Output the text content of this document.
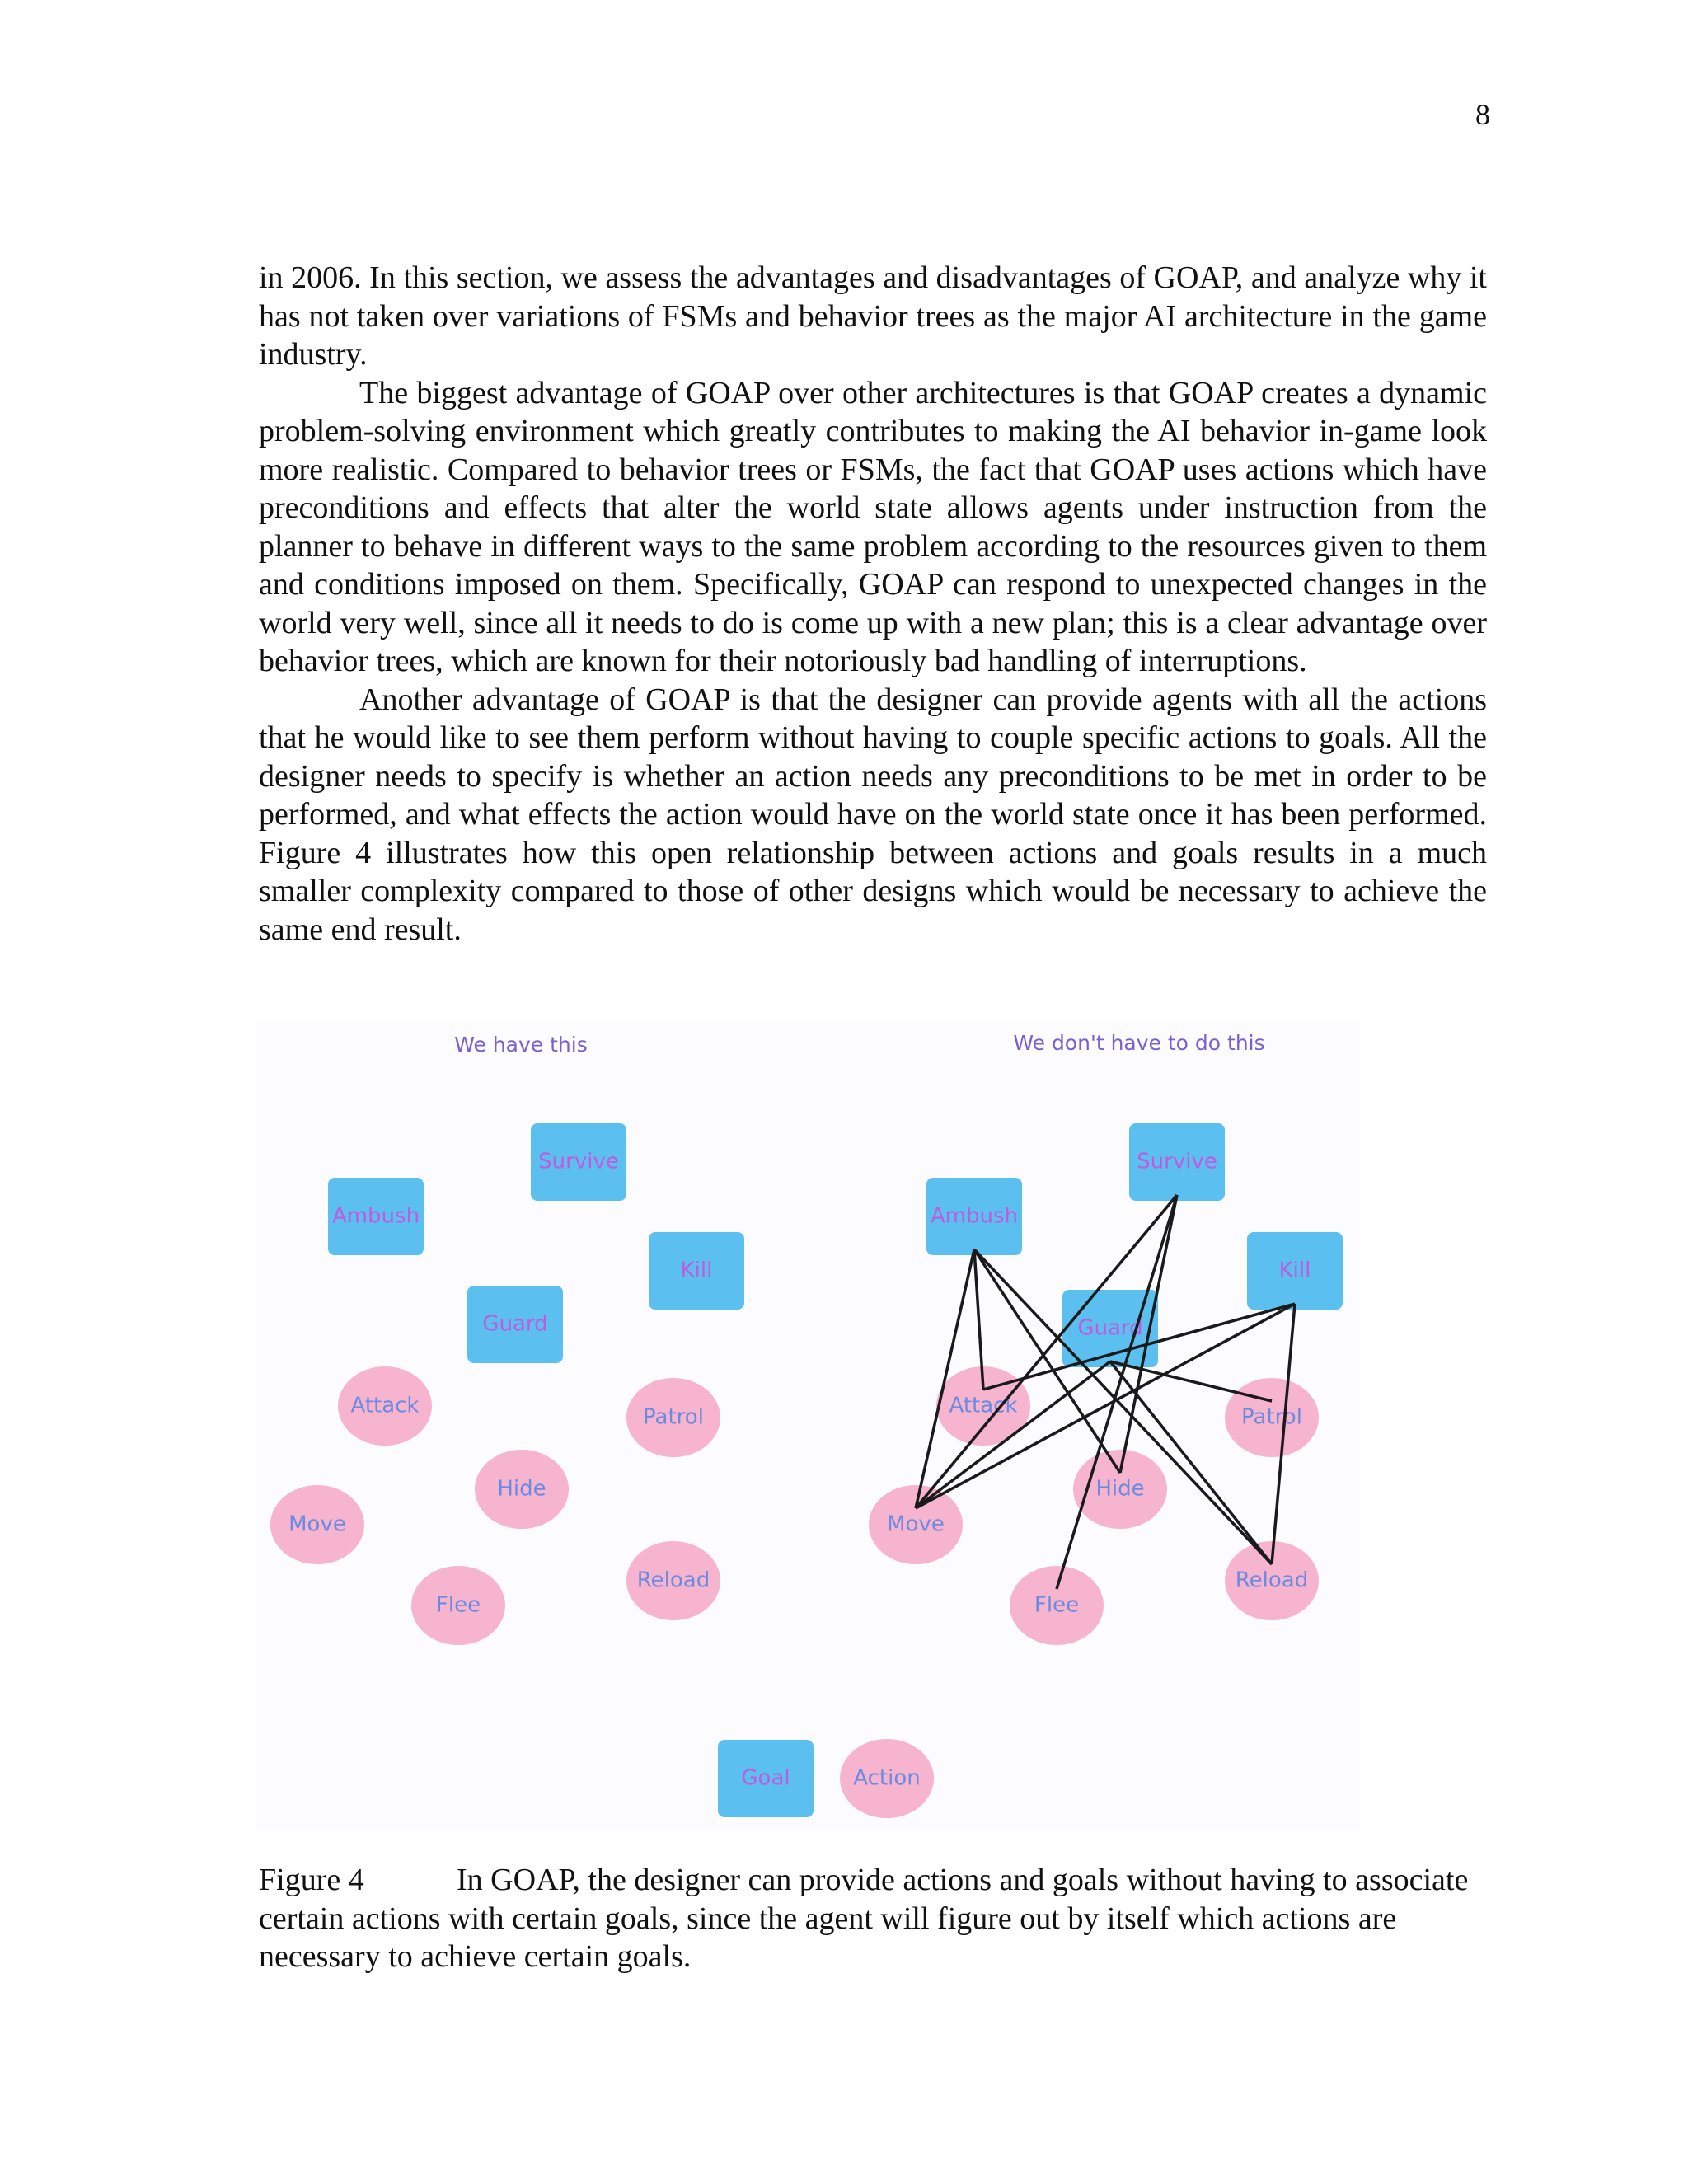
8

in 2006. In this section, we assess the advantages and disadvantages of GOAP, and analyze why it has not taken over variations of FSMs and behavior trees as the major AI architecture in the game industry.

The biggest advantage of GOAP over other architectures is that GOAP creates a dynamic problem-solving environment which greatly contributes to making the AI behavior in-game look more realistic. Compared to behavior trees or FSMs, the fact that GOAP uses actions which have preconditions and effects that alter the world state allows agents under instruction from the planner to behave in different ways to the same problem according to the resources given to them and conditions imposed on them. Specifically, GOAP can respond to unexpected changes in the world very well, since all it needs to do is come up with a new plan; this is a clear advantage over behavior trees, which are known for their notoriously bad handling of interruptions.

Another advantage of GOAP is that the designer can provide agents with all the actions that he would like to see them perform without having to couple specific actions to goals. All the designer needs to specify is whether an action needs any preconditions to be met in order to be performed, and what effects the action would have on the world state once it has been performed. Figure 4 illustrates how this open relationship between actions and goals results in a much smaller complexity compared to those of other designs which would be necessary to achieve the same end result.

We have this	We don't have to do this
Survive
Ambush
Kill
Guard
Attack	Patrol
Hide
Move
Flee
Reload
Survive
Ambush
Kill
Guard
Attack	Patrol
Hide
Move
Flee
Reload
Goal	Action
Figure 4	In GOAP, the designer can provide actions and goals without having to associate certain actions with certain goals, since the agent will figure out by itself which actions are necessary to achieve certain goals.
